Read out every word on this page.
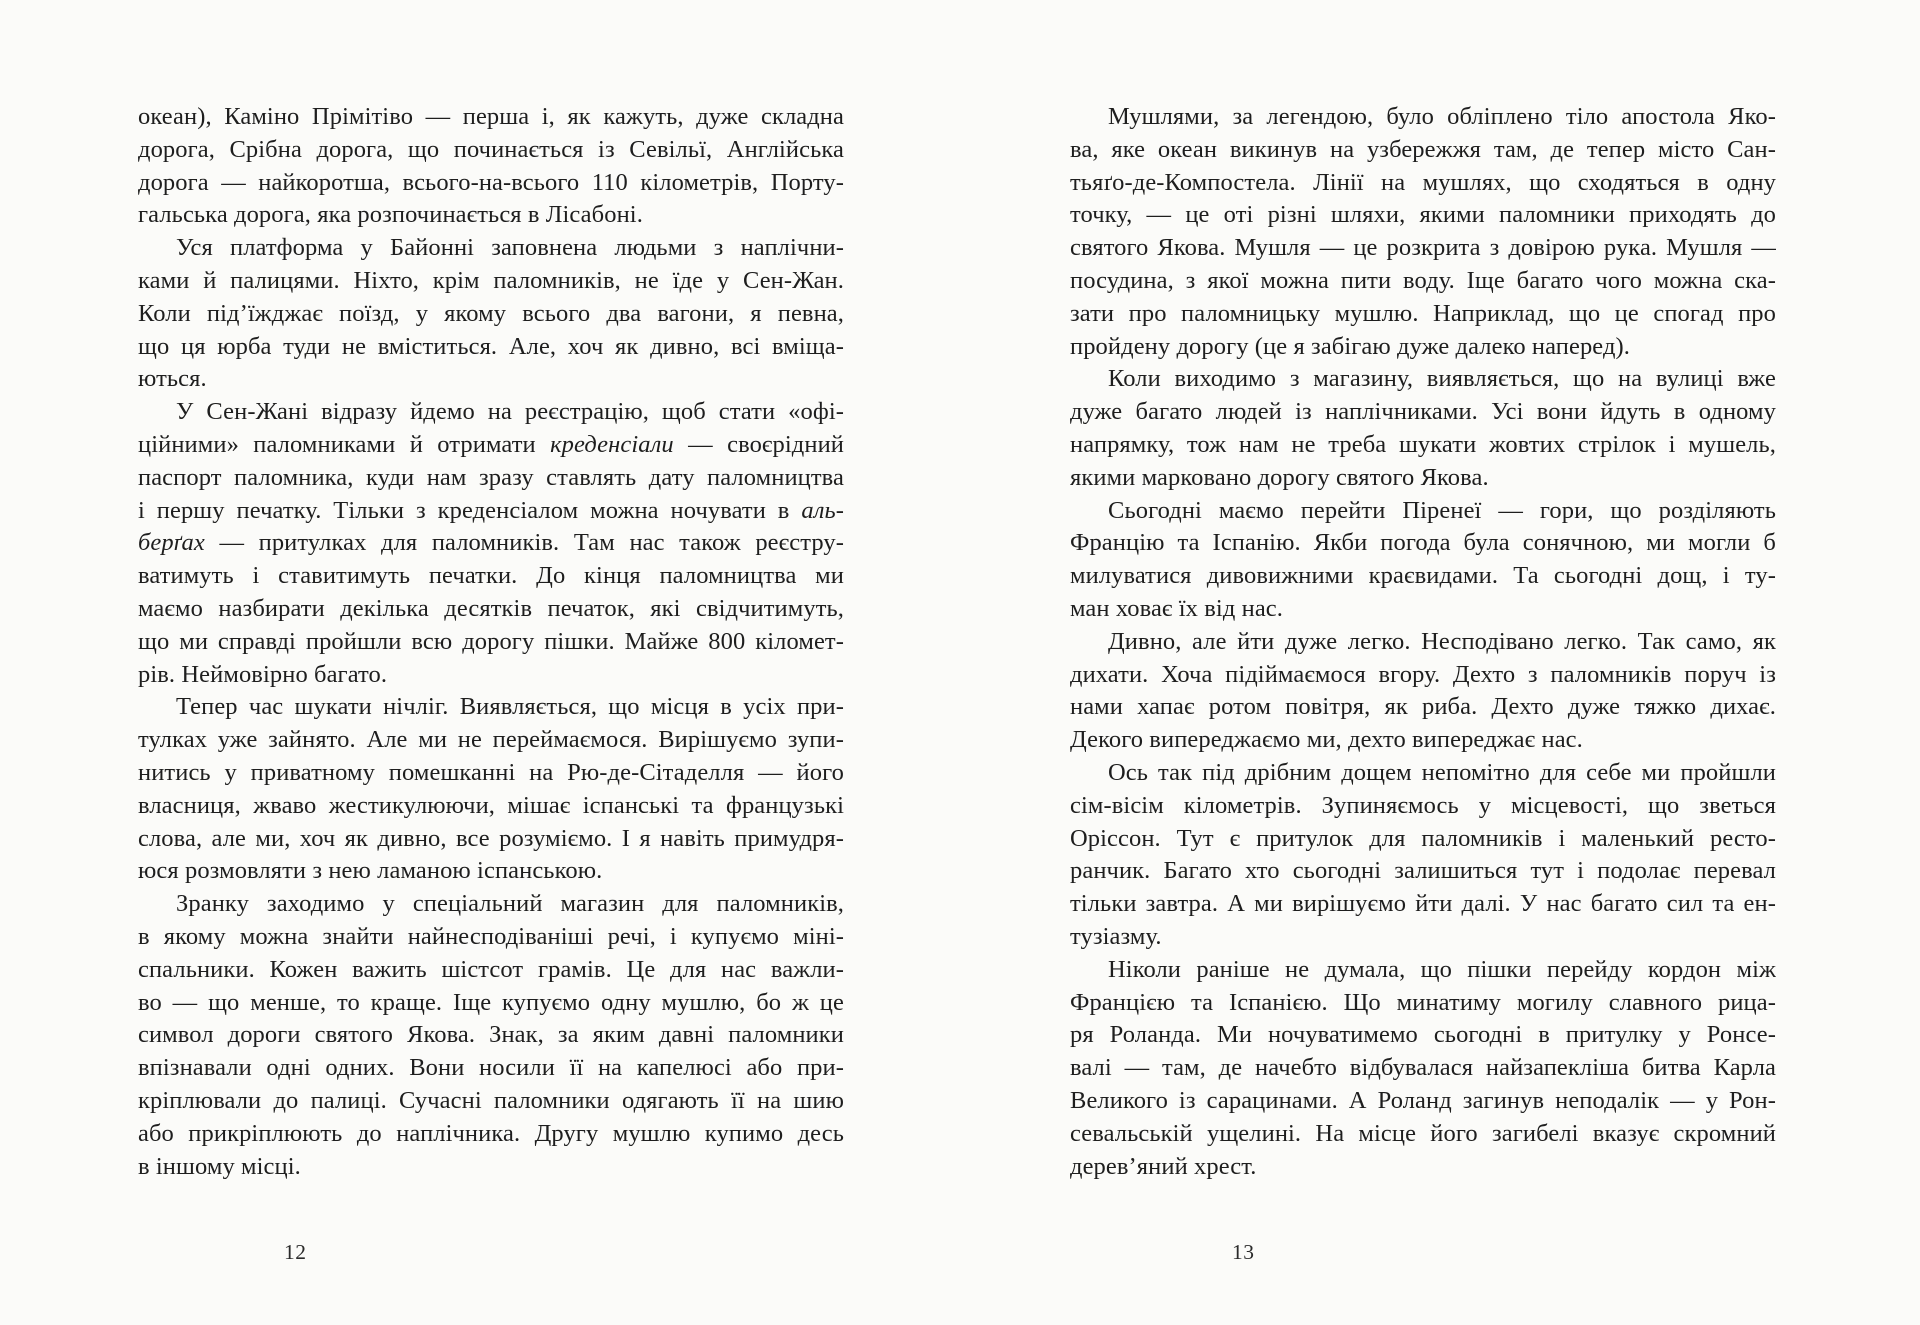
океан), Каміно Прімітіво — перша і, як кажуть, дуже складна
дорога, Срібна дорога, що починається із Севільї, Англійська
дорога — найкоротша, всього-на-всього 110 кілометрів, Порту-
гальська дорога, яка розпочинається в Лісабоні.
Уся платформа у Байонні заповнена людьми з наплічни-
ками й палицями. Ніхто, крім паломників, не їде у Сен-Жан.
Коли під’їжджає поїзд, у якому всього два вагони, я певна,
що ця юрба туди не вміститься. Але, хоч як дивно, всі вміща-
ються.
У Сен-Жані відразу йдемо на реєстрацію, щоб стати «офі-
ційними» паломниками й отримати креденсіали — своєрідний
паспорт паломника, куди нам зразу ставлять дату паломництва
і першу печатку. Тільки з креденсіалом можна ночувати в аль-
берґах — притулках для паломників. Там нас також реєстру-
ватимуть і ставитимуть печатки. До кінця паломництва ми
маємо назбирати декілька десятків печаток, які свідчитимуть,
що ми справді пройшли всю дорогу пішки. Майже 800 кіломет-
рів. Неймовірно багато.
Тепер час шукати нічліг. Виявляється, що місця в усіх при-
тулках уже зайнято. Але ми не переймаємося. Вирішуємо зупи-
нитись у приватному помешканні на Рю-де-Сітаделля — його
власниця, жваво жестикулюючи, мішає іспанські та французькі
слова, але ми, хоч як дивно, все розуміємо. І я навіть примудря-
юся розмовляти з нею ламаною іспанською.
Зранку заходимо у спеціальний магазин для паломників,
в якому можна знайти найнесподіваніші речі, і купуємо міні-
спальники. Кожен важить шістсот грамів. Це для нас важли-
во — що менше, то краще. Іще купуємо одну мушлю, бо ж це
символ дороги святого Якова. Знак, за яким давні паломники
впізнавали одні одних. Вони носили її на капелюсі або при-
кріплювали до палиці. Сучасні паломники одягають її на шию
або прикріплюють до наплічника. Другу мушлю купимо десь
в іншому місці.
Мушлями, за легендою, було обліплено тіло апостола Яко-
ва, яке океан викинув на узбережжя там, де тепер місто Сан-
тьяґо-де-Компостела. Лінії на мушлях, що сходяться в одну
точку, — це оті різні шляхи, якими паломники приходять до
святого Якова. Мушля — це розкрита з довірою рука. Мушля —
посудина, з якої можна пити воду. Іще багато чого можна ска-
зати про паломницьку мушлю. Наприклад, що це спогад про
пройдену дорогу (це я забігаю дуже далеко наперед).
Коли виходимо з магазину, виявляється, що на вулиці вже
дуже багато людей із наплічниками. Усі вони йдуть в одному
напрямку, тож нам не треба шукати жовтих стрілок і мушель,
якими марковано дорогу святого Якова.
Сьогодні маємо перейти Піренеї — гори, що розділяють
Францію та Іспанію. Якби погода була сонячною, ми могли б
милуватися дивовижними краєвидами. Та сьогодні дощ, і ту-
ман ховає їх від нас.
Дивно, але йти дуже легко. Несподівано легко. Так само, як
дихати. Хоча підіймаємося вгору. Дехто з паломників поруч із
нами хапає ротом повітря, як риба. Дехто дуже тяжко дихає.
Декого випереджаємо ми, дехто випереджає нас.
Ось так під дрібним дощем непомітно для себе ми пройшли
сім-вісім кілометрів. Зупиняємось у місцевості, що зветься
Оріссон. Тут є притулок для паломників і маленький ресто-
ранчик. Багато хто сьогодні залишиться тут і подолає перевал
тільки завтра. А ми вирішуємо йти далі. У нас багато сил та ен-
тузіазму.
Ніколи раніше не думала, що пішки перейду кордон між
Францією та Іспанією. Що минатиму могилу славного рица-
ря Роланда. Ми ночуватимемо сьогодні в притулку у Ронсе-
валі — там, де начебто відбувалася найзапекліша битва Карла
Великого із сарацинами. А Роланд загинув неподалік — у Рон-
севальській ущелині. На місце його загибелі вказує скромний
дерев’яний хрест.
12	13
